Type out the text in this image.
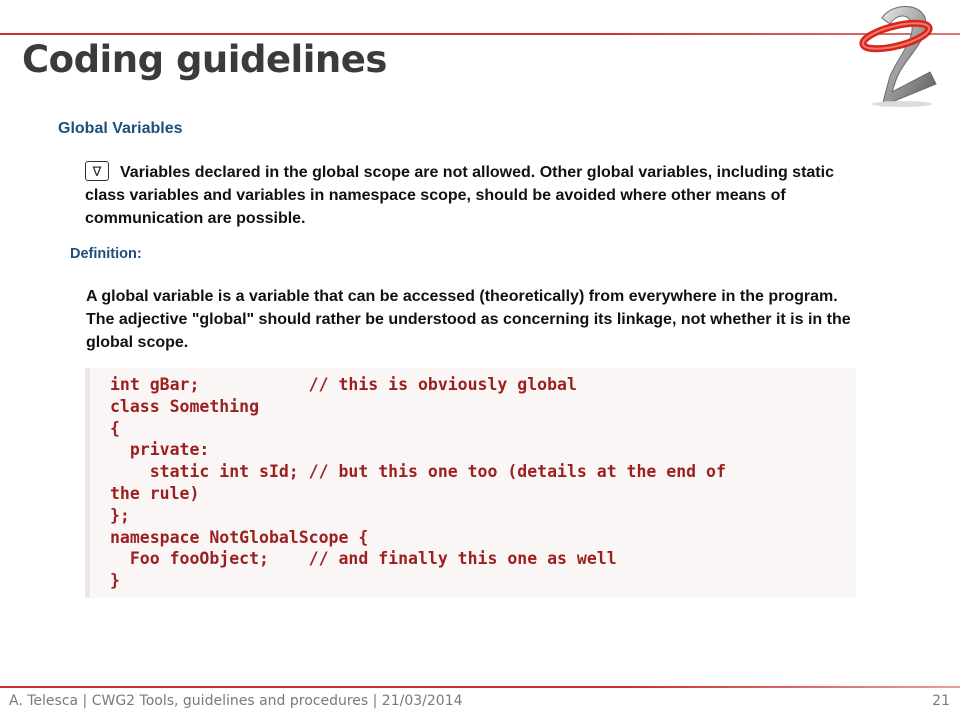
Coding guidelines
Global Variables
∇	Variables declared in the global scope are not allowed. Other global variables, including static class variables and variables in namespace scope, should be avoided where other means of communication are possible.

Definition:

A global variable is a variable that can be accessed (theoretically) from everywhere in the program. The adjective "global" should rather be understood as concerning its linkage, not whether it is in the global scope.

int gBar;           // this is obviously global
class Something
{
private:
static int sId; // but this one too (details at the end of
the rule)
};
namespace NotGlobalScope {
Foo fooObject;    // and finally this one as well
}
A. Telesca | CWG2 Tools, guidelines and procedures | 21/03/2014	21
